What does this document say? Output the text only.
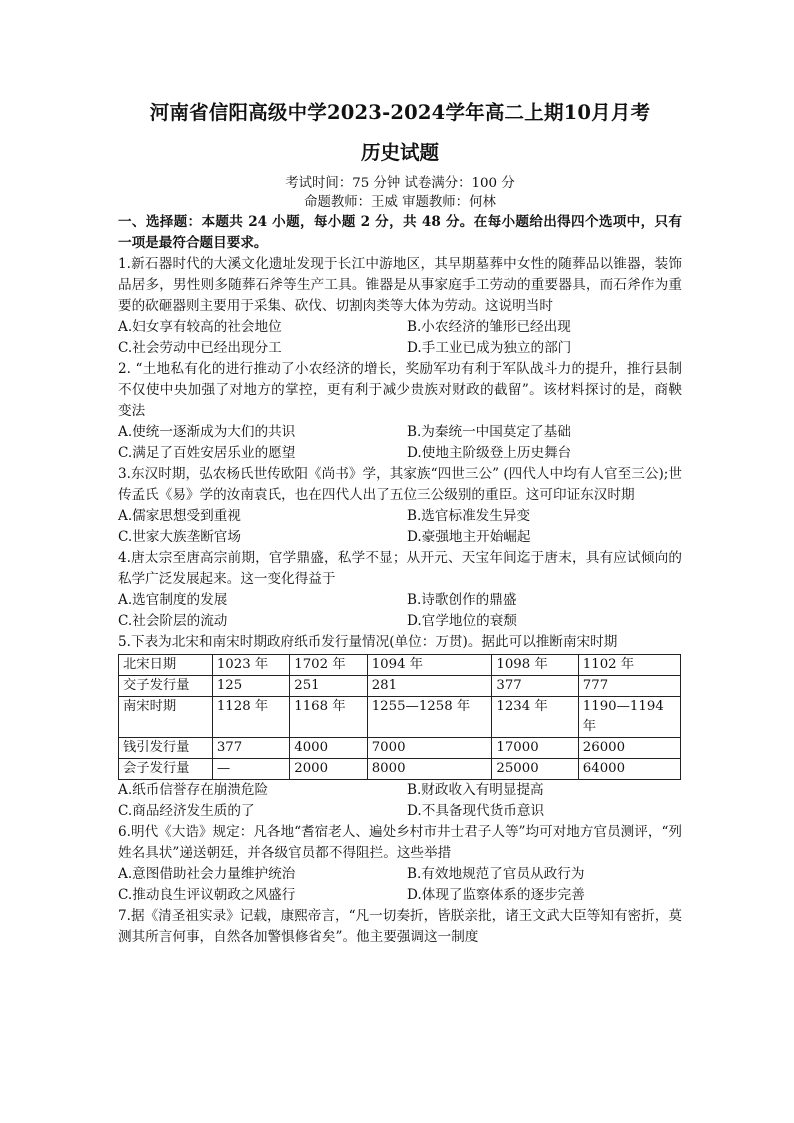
河南省信阳高级中学2023-2024学年高二上期10月月考

历史试题

考试时间：75 分钟 试卷满分：100 分

命题教师：王威 审题教师：何林

一、选择题：本题共 24 小题，每小题 2 分，共 48 分。在每小题给出得四个选项中，只有一项是最符合题目要求。

1.新石器时代的大溪文化遗址发现于长江中游地区，其早期墓葬中女性的随葬品以锥器，装饰品居多，男性则多随葬石斧等生产工具。锥器是从事家庭手工劳动的重要器具，而石斧作为重要的砍砸器则主要用于采集、砍伐、切割肉类等大体为劳动。这说明当时

A.妇女享有较高的社会地位	B.小农经济的雏形已经出现
C.社会劳动中已经出现分工	D.手工业已成为独立的部门

2. “土地私有化的进行推动了小农经济的增长，奖励军功有利于军队战斗力的提升，推行县制不仅使中央加强了对地方的掌控，更有利于减少贵族对财政的截留”。该材料探讨的是，商鞅变法

A.使统一逐渐成为大们的共识	B.为秦统一中国莫定了基础
C.满足了百姓安居乐业的愿望	D.使地主阶级登上历史舞台

3.东汉时期，弘农杨氏世传欧阳《尚书》学，其家族“四世三公” (四代人中均有人官至三公);世传孟氏《易》学的汝南袁氏，也在四代人出了五位三公级别的重臣。这可印证东汉时期

A.儒家思想受到重视	B.选官标准发生异变
C.世家大族垄断官场	D.豪强地主开始崛起

4.唐太宗至唐高宗前期，官学鼎盛，私学不显；从开元、天宝年间迄于唐末，具有应试倾向的私学广泛发展起来。这一变化得益于

A.选官制度的发展	B.诗歌创作的鼎盛
C.社会阶层的流动	D.官学地位的衰颓

5.下表为北宋和南宋时期政府纸币发行量情况(单位：万贯)。据此可以推断南宋时期

北宋日期	1023 年	1702 年	1094 年	1098 年	1102 年
交子发行量	125	251	281	377	777
南宋时期	1128 年	1168 年	1255—1258 年	1234 年	1190—1194 年
钱引发行量	377	4000	7000	17000	26000
会子发行量	—	2000	8000	25000	64000
A.纸币信誉存在崩溃危险	B.财政收入有明显提高
C.商品经济发生质的了	D.不具备现代货币意识

6.明代《大诰》规定：凡各地“耆宿老人、遍处乡村市井士君子人等”均可对地方官员测评，“列姓名具状”递送朝廷，并各级官员都不得阻拦。这些举措

A.意图借助社会力量维护统治	B.有效地规范了官员从政行为
C.推动良生评议朝政之风盛行	D.体现了监察体系的逐步完善

7.据《清圣祖实录》记载，康熙帝言，“凡一切奏折，皆朕亲批，诸王文武大臣等知有密折，莫测其所言何事，自然各加警惧修省矣”。他主要强调这一制度
